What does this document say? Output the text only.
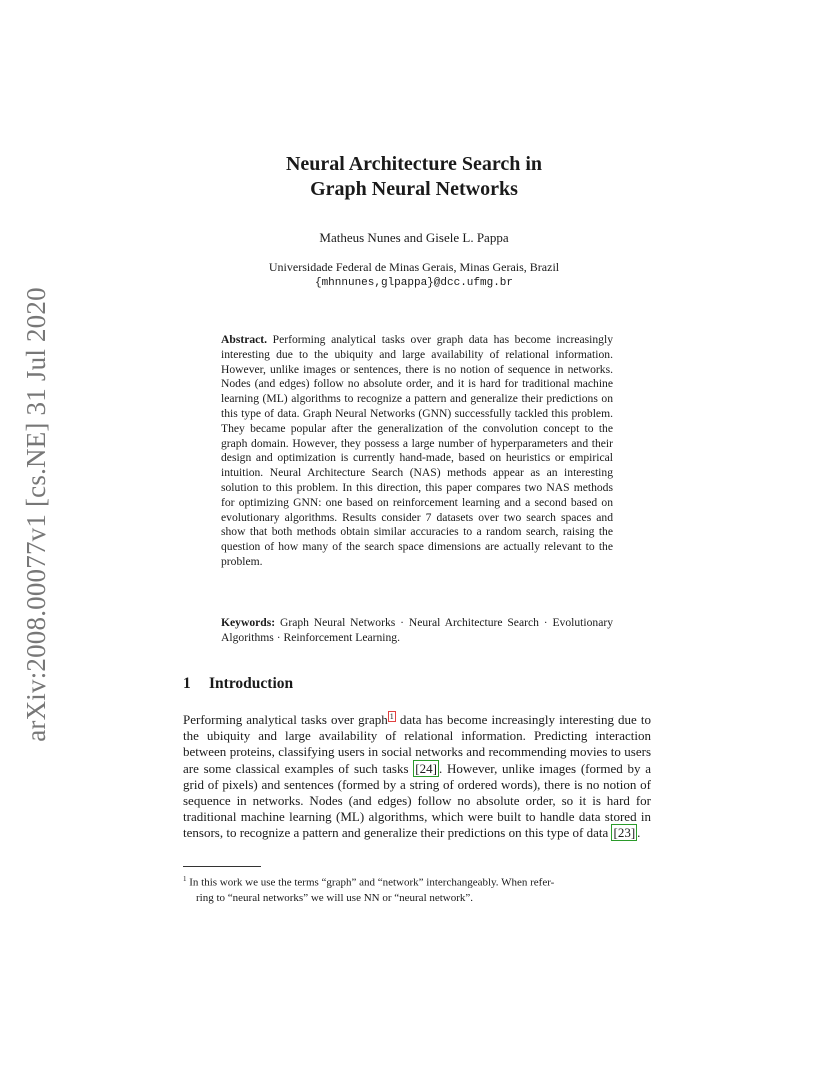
arXiv:2008.00077v1 [cs.NE] 31 Jul 2020
Neural Architecture Search in
Graph Neural Networks
Matheus Nunes and Gisele L. Pappa
Universidade Federal de Minas Gerais, Minas Gerais, Brazil
{mhnnunes,glpappa}@dcc.ufmg.br

Abstract. Performing analytical tasks over graph data has become increasingly interesting due to the ubiquity and large availability of relational information. However, unlike images or sentences, there is no notion of sequence in networks. Nodes (and edges) follow no absolute order, and it is hard for traditional machine learning (ML) algorithms to recognize a pattern and generalize their predictions on this type of data. Graph Neural Networks (GNN) successfully tackled this problem. They became popular after the generalization of the convolution concept to the graph domain. However, they possess a large number of hyperparameters and their design and optimization is currently hand-made, based on heuristics or empirical intuition. Neural Architecture Search (NAS) methods appear as an interesting solution to this problem. In this direction, this paper compares two NAS methods for optimizing GNN: one based on reinforcement learning and a second based on evolutionary algorithms. Results consider 7 datasets over two search spaces and show that both methods obtain similar accuracies to a random search, raising the question of how many of the search space dimensions are actually relevant to the problem.

Keywords: Graph Neural Networks · Neural Architecture Search · Evolutionary Algorithms · Reinforcement Learning.

1 Introduction

Performing analytical tasks over graph $^1$ data has become increasingly interesting due to the ubiquity and large availability of relational information. Predicting interaction between proteins, classifying users in social networks and recommending movies to users are some classical examples of such tasks [24] . However, unlike images (formed by a grid of pixels) and sentences (formed by a string of ordered words), there is no notion of sequence in networks. Nodes (and edges) follow no absolute order, so it is hard for traditional machine learning (ML) algorithms, which were built to handle data stored in tensors, to recognize a pattern and generalize their predictions on this type of data [23] .

$^1$ In this work we use the terms “graph” and “network” interchangeably. When refer-
ring to “neural networks” we will use NN or “neural network”.
